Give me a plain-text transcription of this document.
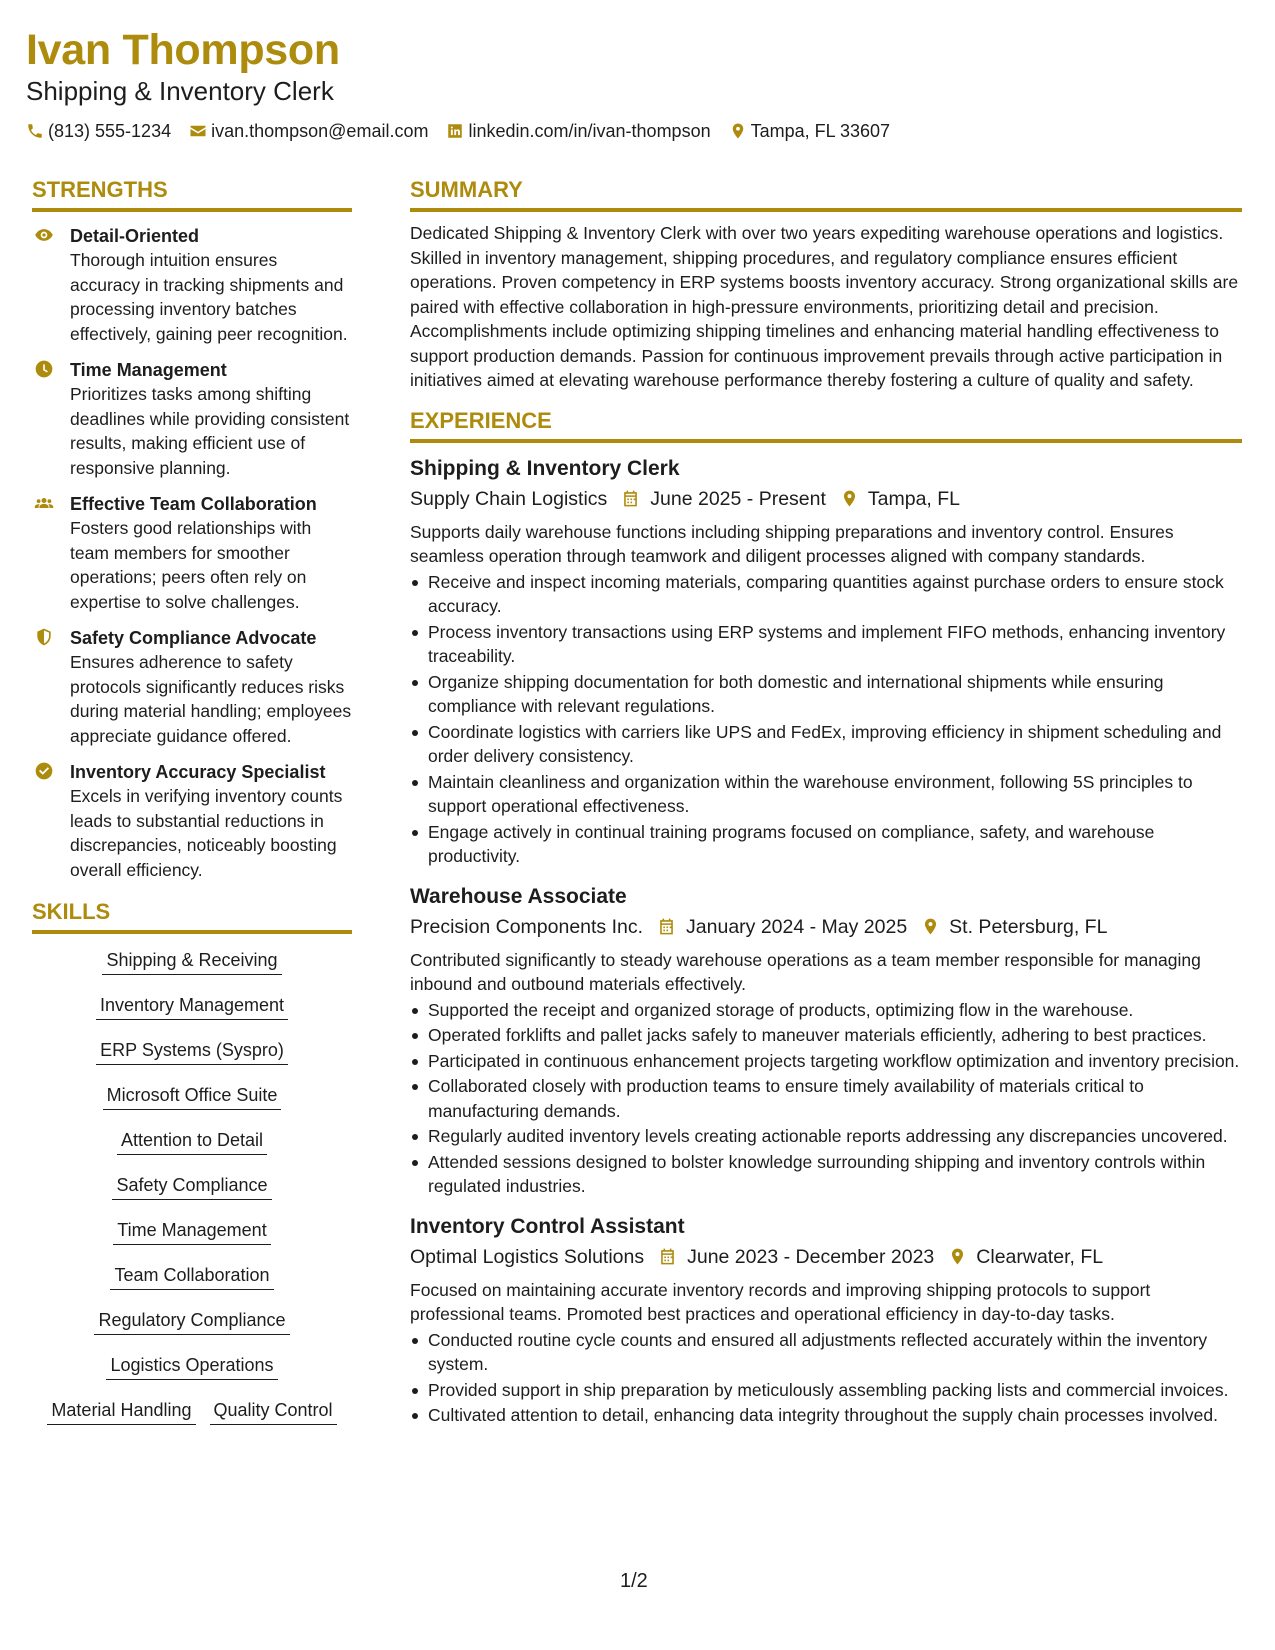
Ivan Thompson
Shipping & Inventory Clerk
(813) 555-1234 ivan.thompson@email.com linkedin.com/in/ivan-thompson Tampa, FL 33607
STRENGTHS
Detail-Oriented
Thorough intuition ensures accuracy in tracking shipments and processing inventory batches effectively, gaining peer recognition.
Time Management
Prioritizes tasks among shifting deadlines while providing consistent results, making efficient use of responsive planning.
Effective Team Collaboration
Fosters good relationships with team members for smoother operations; peers often rely on expertise to solve challenges.
Safety Compliance Advocate
Ensures adherence to safety protocols significantly reduces risks during material handling; employees appreciate guidance offered.
Inventory Accuracy Specialist
Excels in verifying inventory counts leads to substantial reductions in discrepancies, noticeably boosting overall efficiency.
SKILLS
Shipping & Receiving
Inventory Management
ERP Systems (Syspro)
Microsoft Office Suite
Attention to Detail
Safety Compliance
Time Management
Team Collaboration
Regulatory Compliance
Logistics Operations
Material Handling Quality Control
SUMMARY

Dedicated Shipping & Inventory Clerk with over two years expediting warehouse operations and logistics. Skilled in inventory management, shipping procedures, and regulatory compliance ensures efficient operations. Proven competency in ERP systems boosts inventory accuracy. Strong organizational skills are paired with effective collaboration in high-pressure environments, prioritizing detail and precision. Accomplishments include optimizing shipping timelines and enhancing material handling effectiveness to support production demands. Passion for continuous improvement prevails through active participation in initiatives aimed at elevating warehouse performance thereby fostering a culture of quality and safety.

EXPERIENCE
Shipping & Inventory Clerk
Supply Chain Logistics June 2025 - Present Tampa, FL

Supports daily warehouse functions including shipping preparations and inventory control. Ensures seamless operation through teamwork and diligent processes aligned with company standards.

Receive and inspect incoming materials, comparing quantities against purchase orders to ensure stock accuracy.
Process inventory transactions using ERP systems and implement FIFO methods, enhancing inventory traceability.
Organize shipping documentation for both domestic and international shipments while ensuring compliance with relevant regulations.
Coordinate logistics with carriers like UPS and FedEx, improving efficiency in shipment scheduling and order delivery consistency.
Maintain cleanliness and organization within the warehouse environment, following 5S principles to support operational effectiveness.
Engage actively in continual training programs focused on compliance, safety, and warehouse productivity.
Warehouse Associate
Precision Components Inc. January 2024 - May 2025 St. Petersburg, FL

Contributed significantly to steady warehouse operations as a team member responsible for managing inbound and outbound materials effectively.

Supported the receipt and organized storage of products, optimizing flow in the warehouse.
Operated forklifts and pallet jacks safely to maneuver materials efficiently, adhering to best practices.
Participated in continuous enhancement projects targeting workflow optimization and inventory precision.
Collaborated closely with production teams to ensure timely availability of materials critical to manufacturing demands.
Regularly audited inventory levels creating actionable reports addressing any discrepancies uncovered.
Attended sessions designed to bolster knowledge surrounding shipping and inventory controls within regulated industries.
Inventory Control Assistant
Optimal Logistics Solutions June 2023 - December 2023 Clearwater, FL

Focused on maintaining accurate inventory records and improving shipping protocols to support professional teams. Promoted best practices and operational efficiency in day-to-day tasks.

Conducted routine cycle counts and ensured all adjustments reflected accurately within the inventory system.
Provided support in ship preparation by meticulously assembling packing lists and commercial invoices.
Cultivated attention to detail, enhancing data integrity throughout the supply chain processes involved.
1/2
